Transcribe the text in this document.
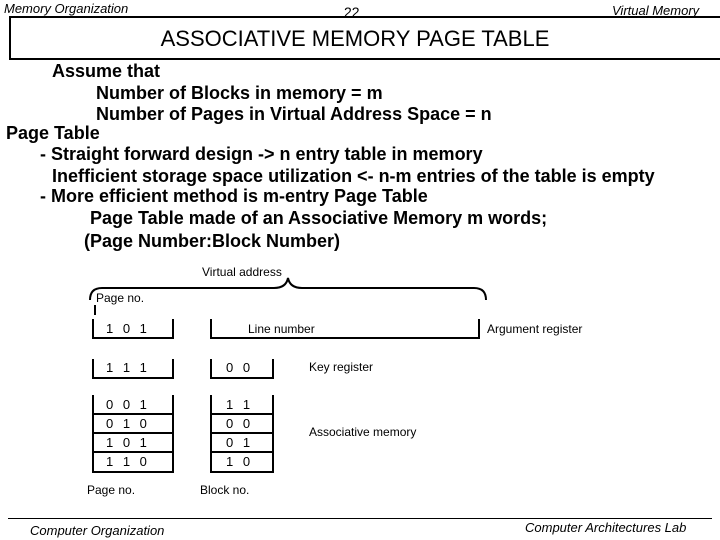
Memory Organization	22	Virtual Memory
ASSOCIATIVE MEMORY PAGE TABLE
Assume that
Number of Blocks in memory = m
Number of Pages in Virtual Address Space = n
Page Table
- Straight forward design -> n entry table in memory
Inefficient storage space utilization <- n-m entries of the table is empty
- More efficient method is m-entry Page Table
Page Table made of an Associative Memory m words;
(Page Number:Block Number)
Virtual address
Page no.
1 0 1	Line number	Argument register
1 1 1	0 0	Key register
0 0 1	1 1
0 1 0	0 0
1 0 1	0 1
1 1 0	1 0
Associative memory
Page no.	Block no.
Computer Organization	Computer Architectures Lab
